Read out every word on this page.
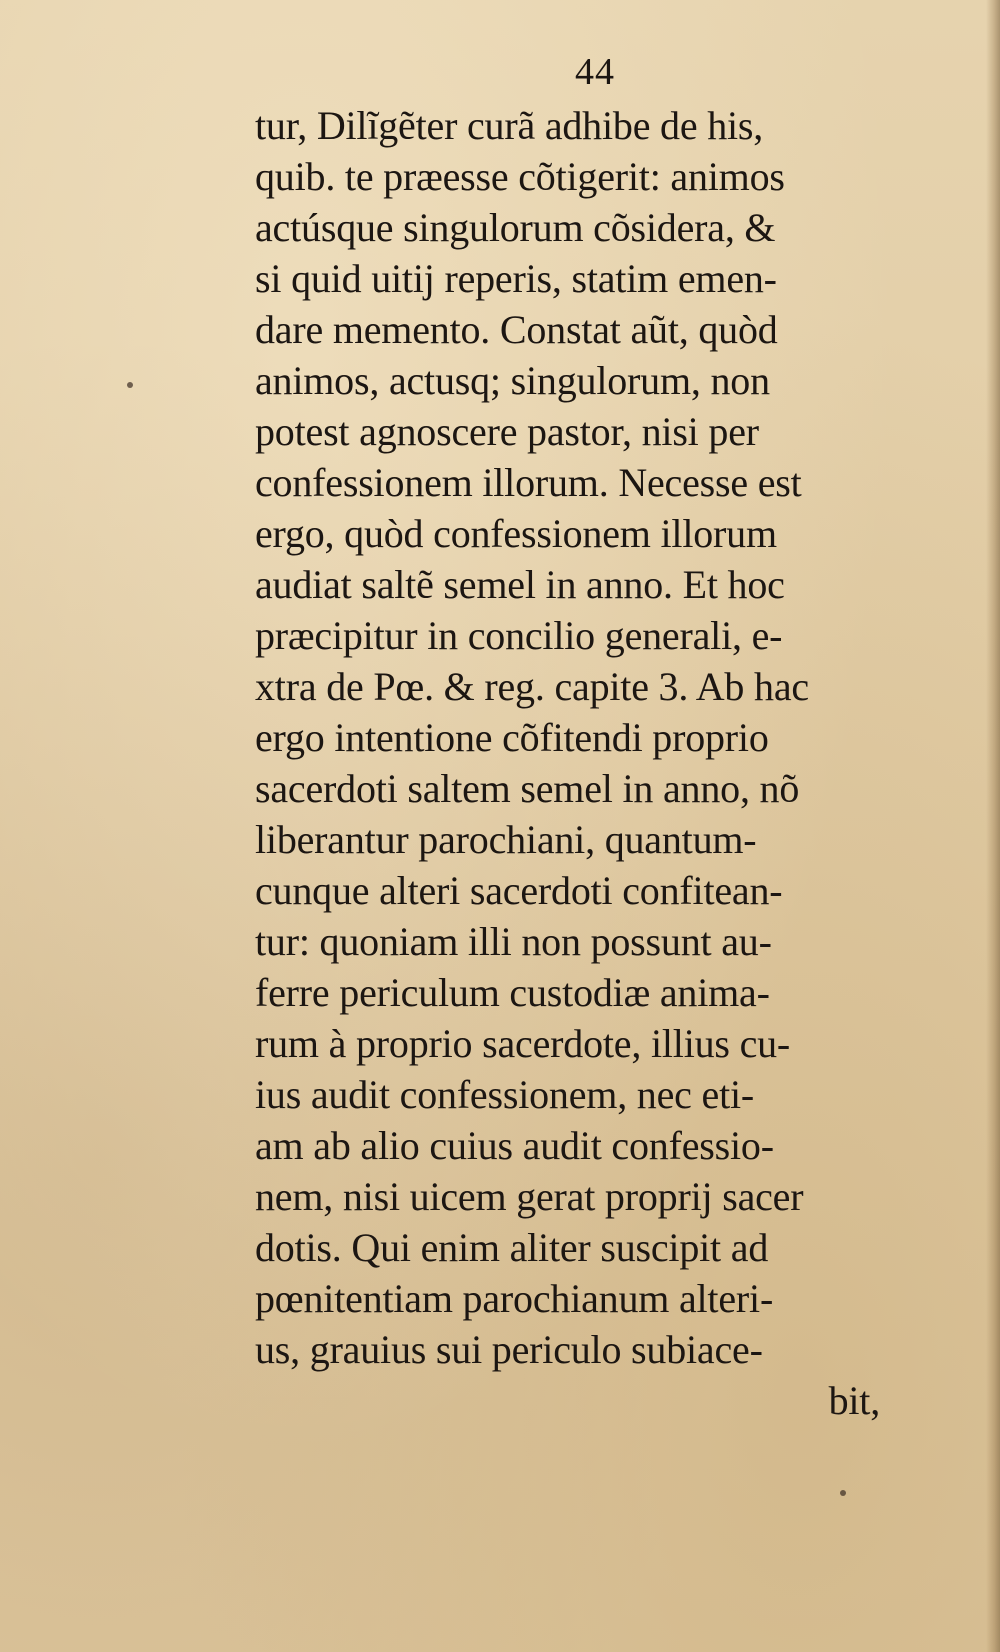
44
tur, Dilĩgẽter curã adhibe de his,
quib. te præesse cõtigerit: animos
actúsque singulorum cõsidera, &
si quid uitij reperis, statim emen-
dare memento. Constat aũt, quòd
animos, actusq; singulorum, non
potest agnoscere pastor, nisi per
confessionem illorum. Necesse est
ergo, quòd confessionem illorum
audiat saltẽ semel in anno. Et hoc
præcipitur in concilio generali, e-
xtra de Pœ. & reg. capite 3. Ab hac
ergo intentione cõfitendi proprio
sacerdoti saltem semel in anno, nõ
liberantur parochiani, quantum-
cunque alteri sacerdoti confitean-
tur: quoniam illi non possunt au-
ferre periculum custodiæ anima-
rum à proprio sacerdote, illius cu-
ius audit confessionem, nec eti-
am ab alio cuius audit confessio-
nem, nisi uicem gerat proprij sacer
dotis. Qui enim aliter suscipit ad
pœnitentiam parochianum alteri-
us, grauius sui periculo subiace-
bit,
